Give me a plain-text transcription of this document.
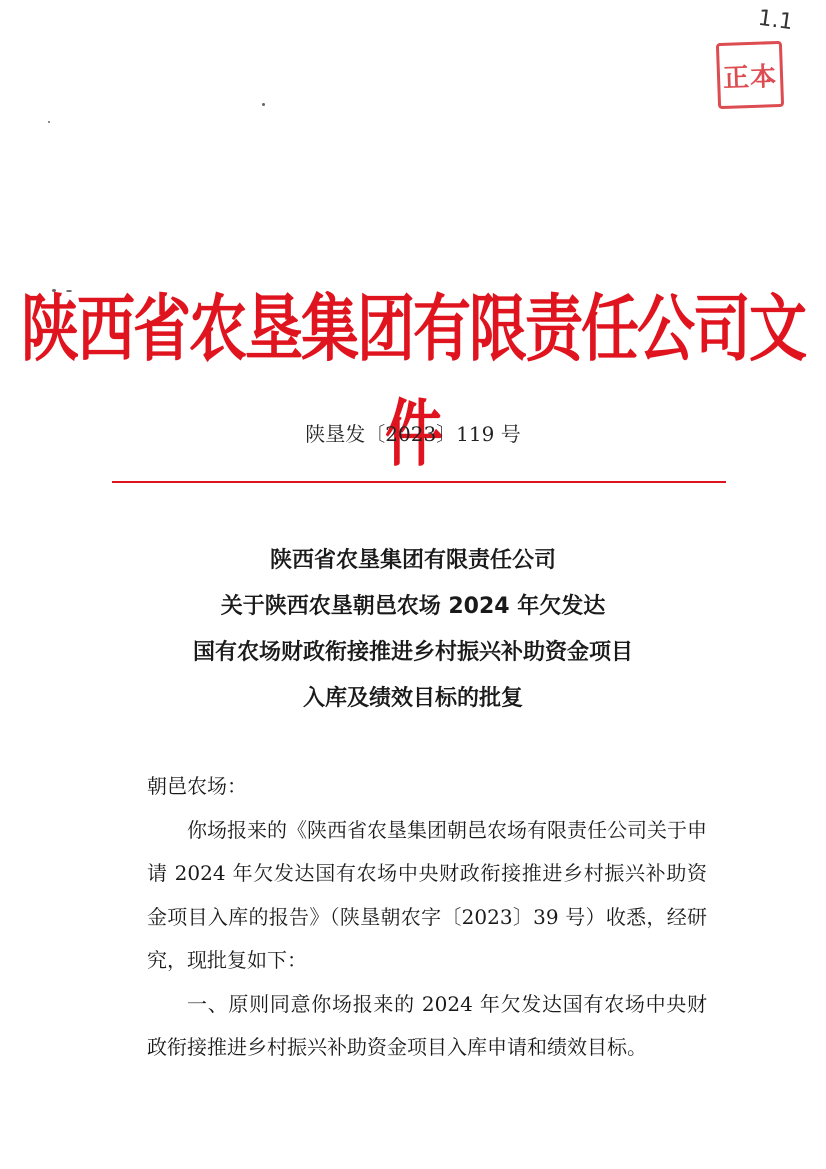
1.1
正本
陕西省农垦集团有限责任公司文件
陕垦发〔2023〕119 号
陕西省农垦集团有限责任公司
关于陕西农垦朝邑农场 2024 年欠发达
国有农场财政衔接推进乡村振兴补助资金项目
入库及绩效目标的批复

朝邑农场：

你场报来的《陕西省农垦集团朝邑农场有限责任公司关于申请 2024 年欠发达国有农场中央财政衔接推进乡村振兴补助资金项目入库的报告》（陕垦朝农字〔2023〕39 号）收悉，经研究，现批复如下：

一、原则同意你场报来的 2024 年欠发达国有农场中央财政衔接推进乡村振兴补助资金项目入库申请和绩效目标。
